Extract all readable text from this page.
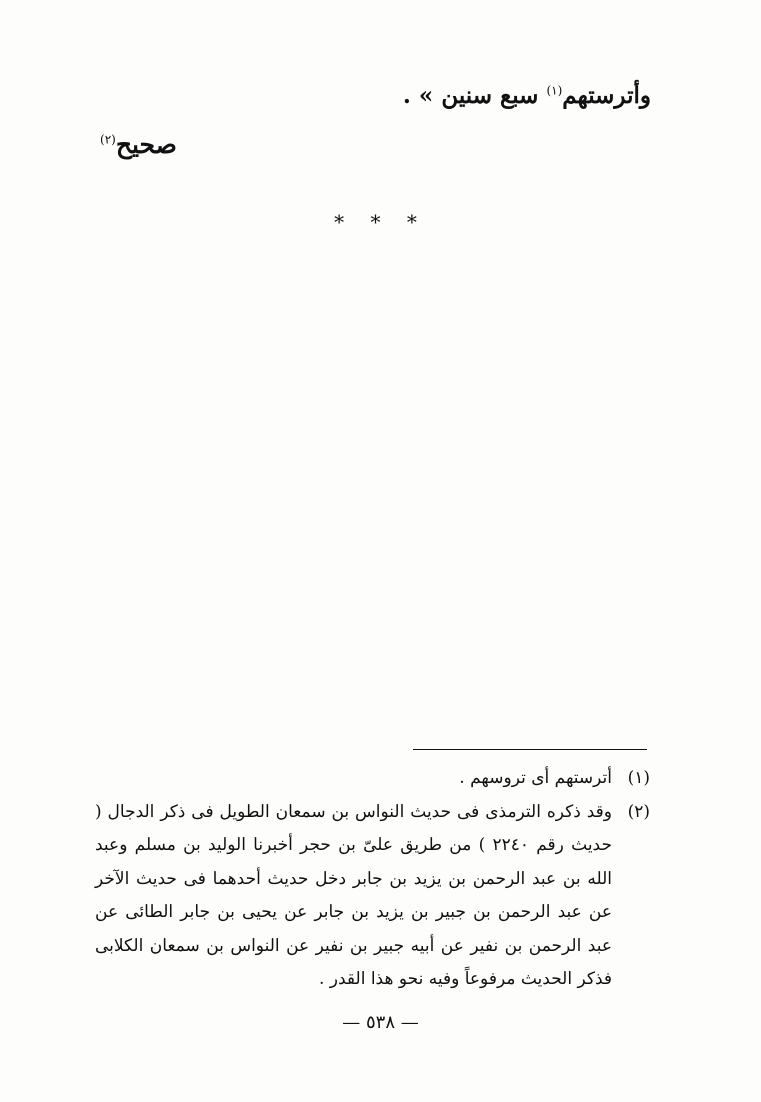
وأترستهم$^{(١)}$ سبع سنين » .
صحيح$^{(٢)}$
* * *
(١)
أترستهم أى تروسهم .
(٢)
وقد ذكره الترمذى فى حديث النواس بن سمعان الطويل فى ذكر الدجال ( حديث رقم ٢٢٤٠ ) من طريق علىّ بن حجر أخبرنا الوليد بن مسلم وعبد الله بن عبد الرحمن بن يزيد بن جابر دخل حديث أحدهما فى حديث الآخر عن عبد الرحمن بن جبير بن يزيد بن جابر عن يحيى بن جابر الطائى عن عبد الرحمن بن نفير عن أبيه جبير بن نفير عن النواس بن سمعان الكلابى فذكر الحديث مرفوعاً وفيه نحو هذا القدر .
— ٥٣٨ —
